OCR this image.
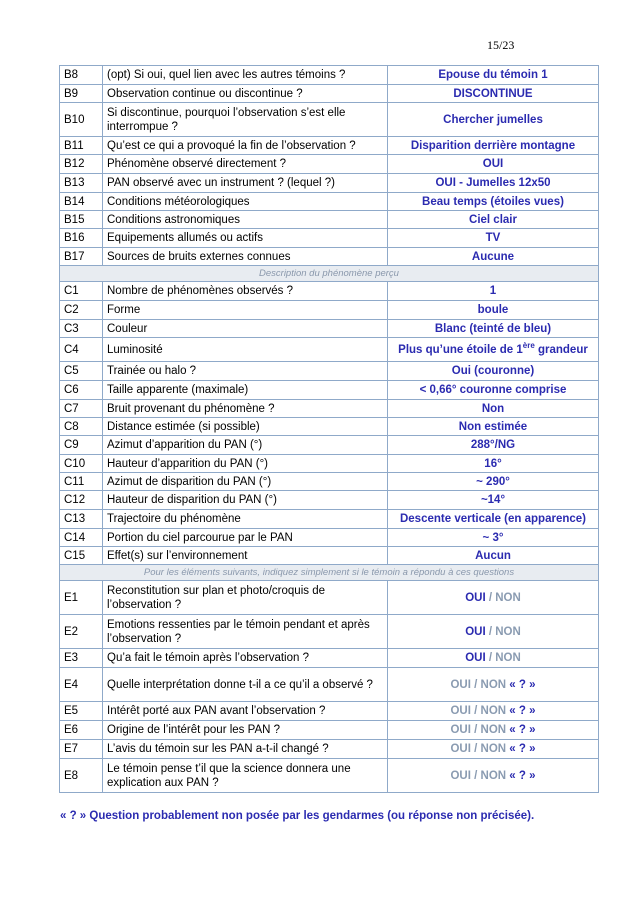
15/23
B8	(opt) Si oui, quel lien avec les autres témoins ?	Epouse du témoin 1
B9	Observation continue ou discontinue ?	DISCONTINUE
B10	Si discontinue, pourquoi l’observation s’est elle interrompue ?	Chercher jumelles
B11	Qu’est ce qui a provoqué la fin de l’observation ?	Disparition derrière montagne
B12	Phénomène observé directement ?	OUI
B13	PAN observé avec un instrument ? (lequel ?)	OUI - Jumelles 12x50
B14	Conditions météorologiques	Beau temps (étoiles vues)
B15	Conditions astronomiques	Ciel clair
B16	Equipements allumés ou actifs	TV
B17	Sources de bruits externes connues	Aucune
Description du phénomène perçu		
C1	Nombre de phénomènes observés ?	1
C2	Forme	boule
C3	Couleur	Blanc (teinté de bleu)
C4	Luminosité	Plus qu’une étoile de 1ère grandeur
C5	Trainée ou halo ?	Oui (couronne)
C6	Taille apparente (maximale)	< 0,66° couronne comprise
C7	Bruit provenant du phénomène ?	Non
C8	Distance estimée (si possible)	Non estimée
C9	Azimut d’apparition du PAN (°)	288°/NG
C10	Hauteur d’apparition du PAN (°)	16°
C11	Azimut de disparition du PAN (°)	~ 290°
C12	Hauteur de disparition du PAN (°)	~14°
C13	Trajectoire du phénomène	Descente verticale (en apparence)
C14	Portion du ciel parcourue par le PAN	~ 3°
C15	Effet(s) sur l’environnement	Aucun
Pour les éléments suivants, indiquez simplement si le témoin a répondu à ces questions		
E1	Reconstitution sur plan et photo/croquis de l’observation ?	OUI / NON
E2	Emotions ressenties par le témoin pendant et après l’observation ?	OUI / NON
E3	Qu’a fait le témoin après l’observation ?	OUI / NON
E4	Quelle interprétation donne t-il a ce qu’il a observé ?	OUI / NON « ? »
E5	Intérêt porté aux PAN avant l’observation ?	OUI / NON « ? »
E6	Origine de l’intérêt pour les PAN ?	OUI / NON « ? »
E7	L’avis du témoin sur les PAN a-t-il changé ?	OUI / NON « ? »
E8	Le témoin pense t’il que la science donnera une explication aux PAN ?	OUI / NON « ? »
« ? » Question probablement non posée par les gendarmes (ou réponse non précisée).
